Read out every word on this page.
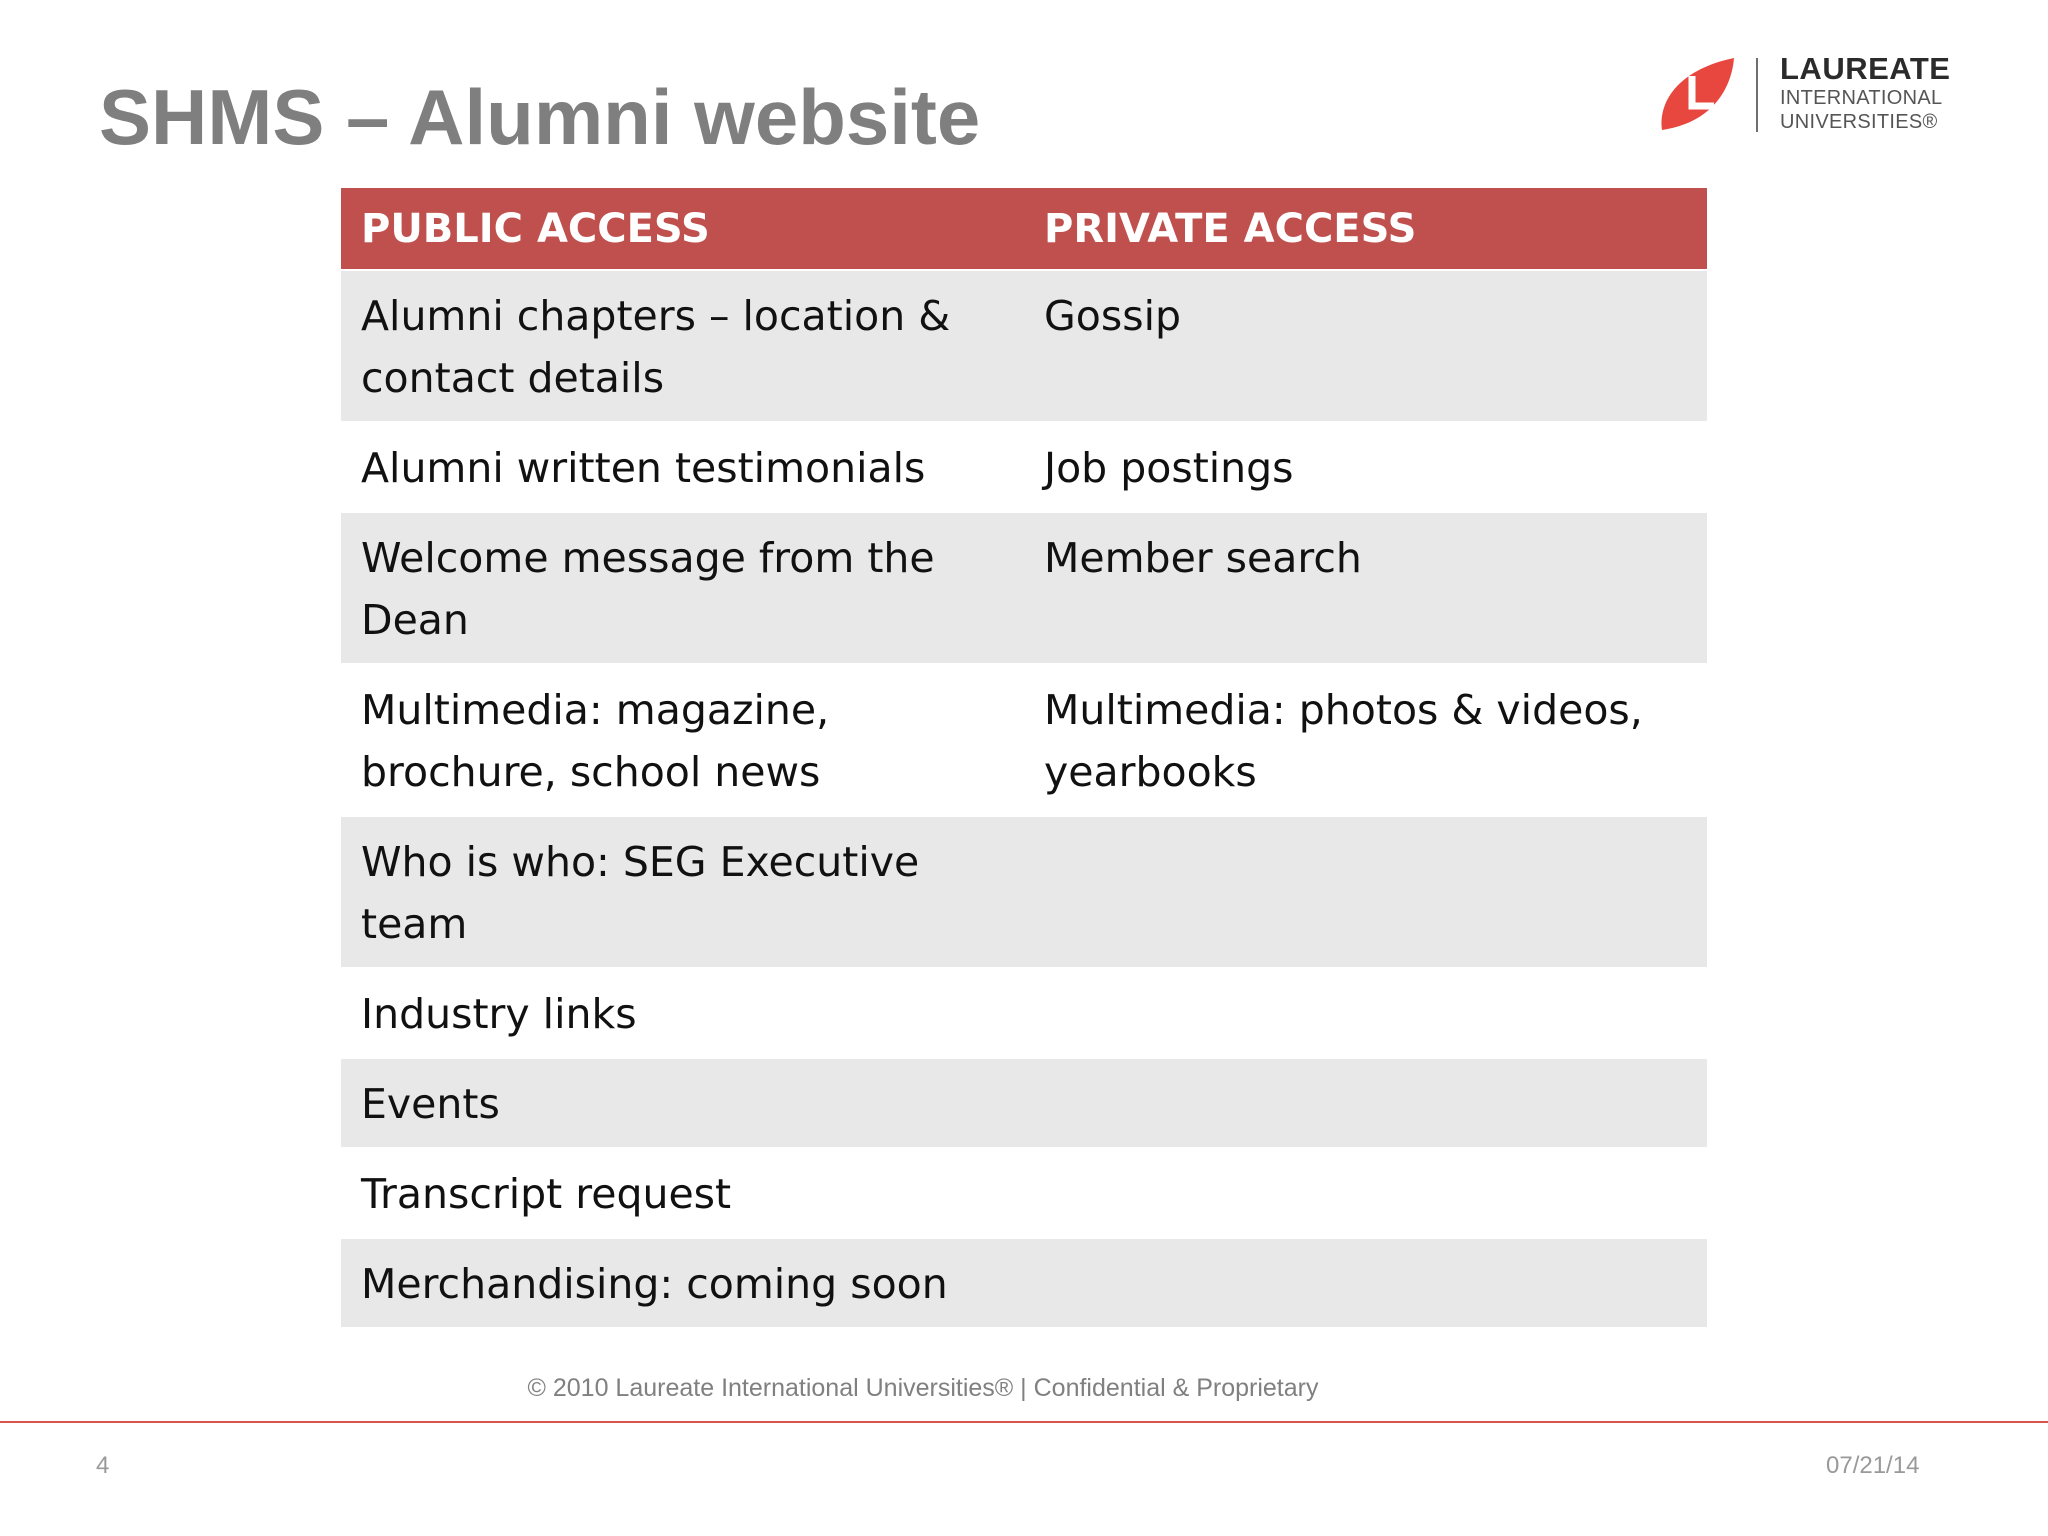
SHMS – Alumni website
LAUREATE
INTERNATIONAL
UNIVERSITIES®
PUBLIC ACCESS	PRIVATE ACCESS
Alumni chapters – location & contact details	Gossip
Alumni written testimonials	Job postings
Welcome message from the Dean	Member search
Multimedia: magazine, brochure, school news	Multimedia: photos & videos, yearbooks
Who is who: SEG Executive team	
Industry links	
Events	
Transcript request	
Merchandising: coming soon	
© 2010 Laureate International Universities® | Confidential & Proprietary
4	07/21/14
